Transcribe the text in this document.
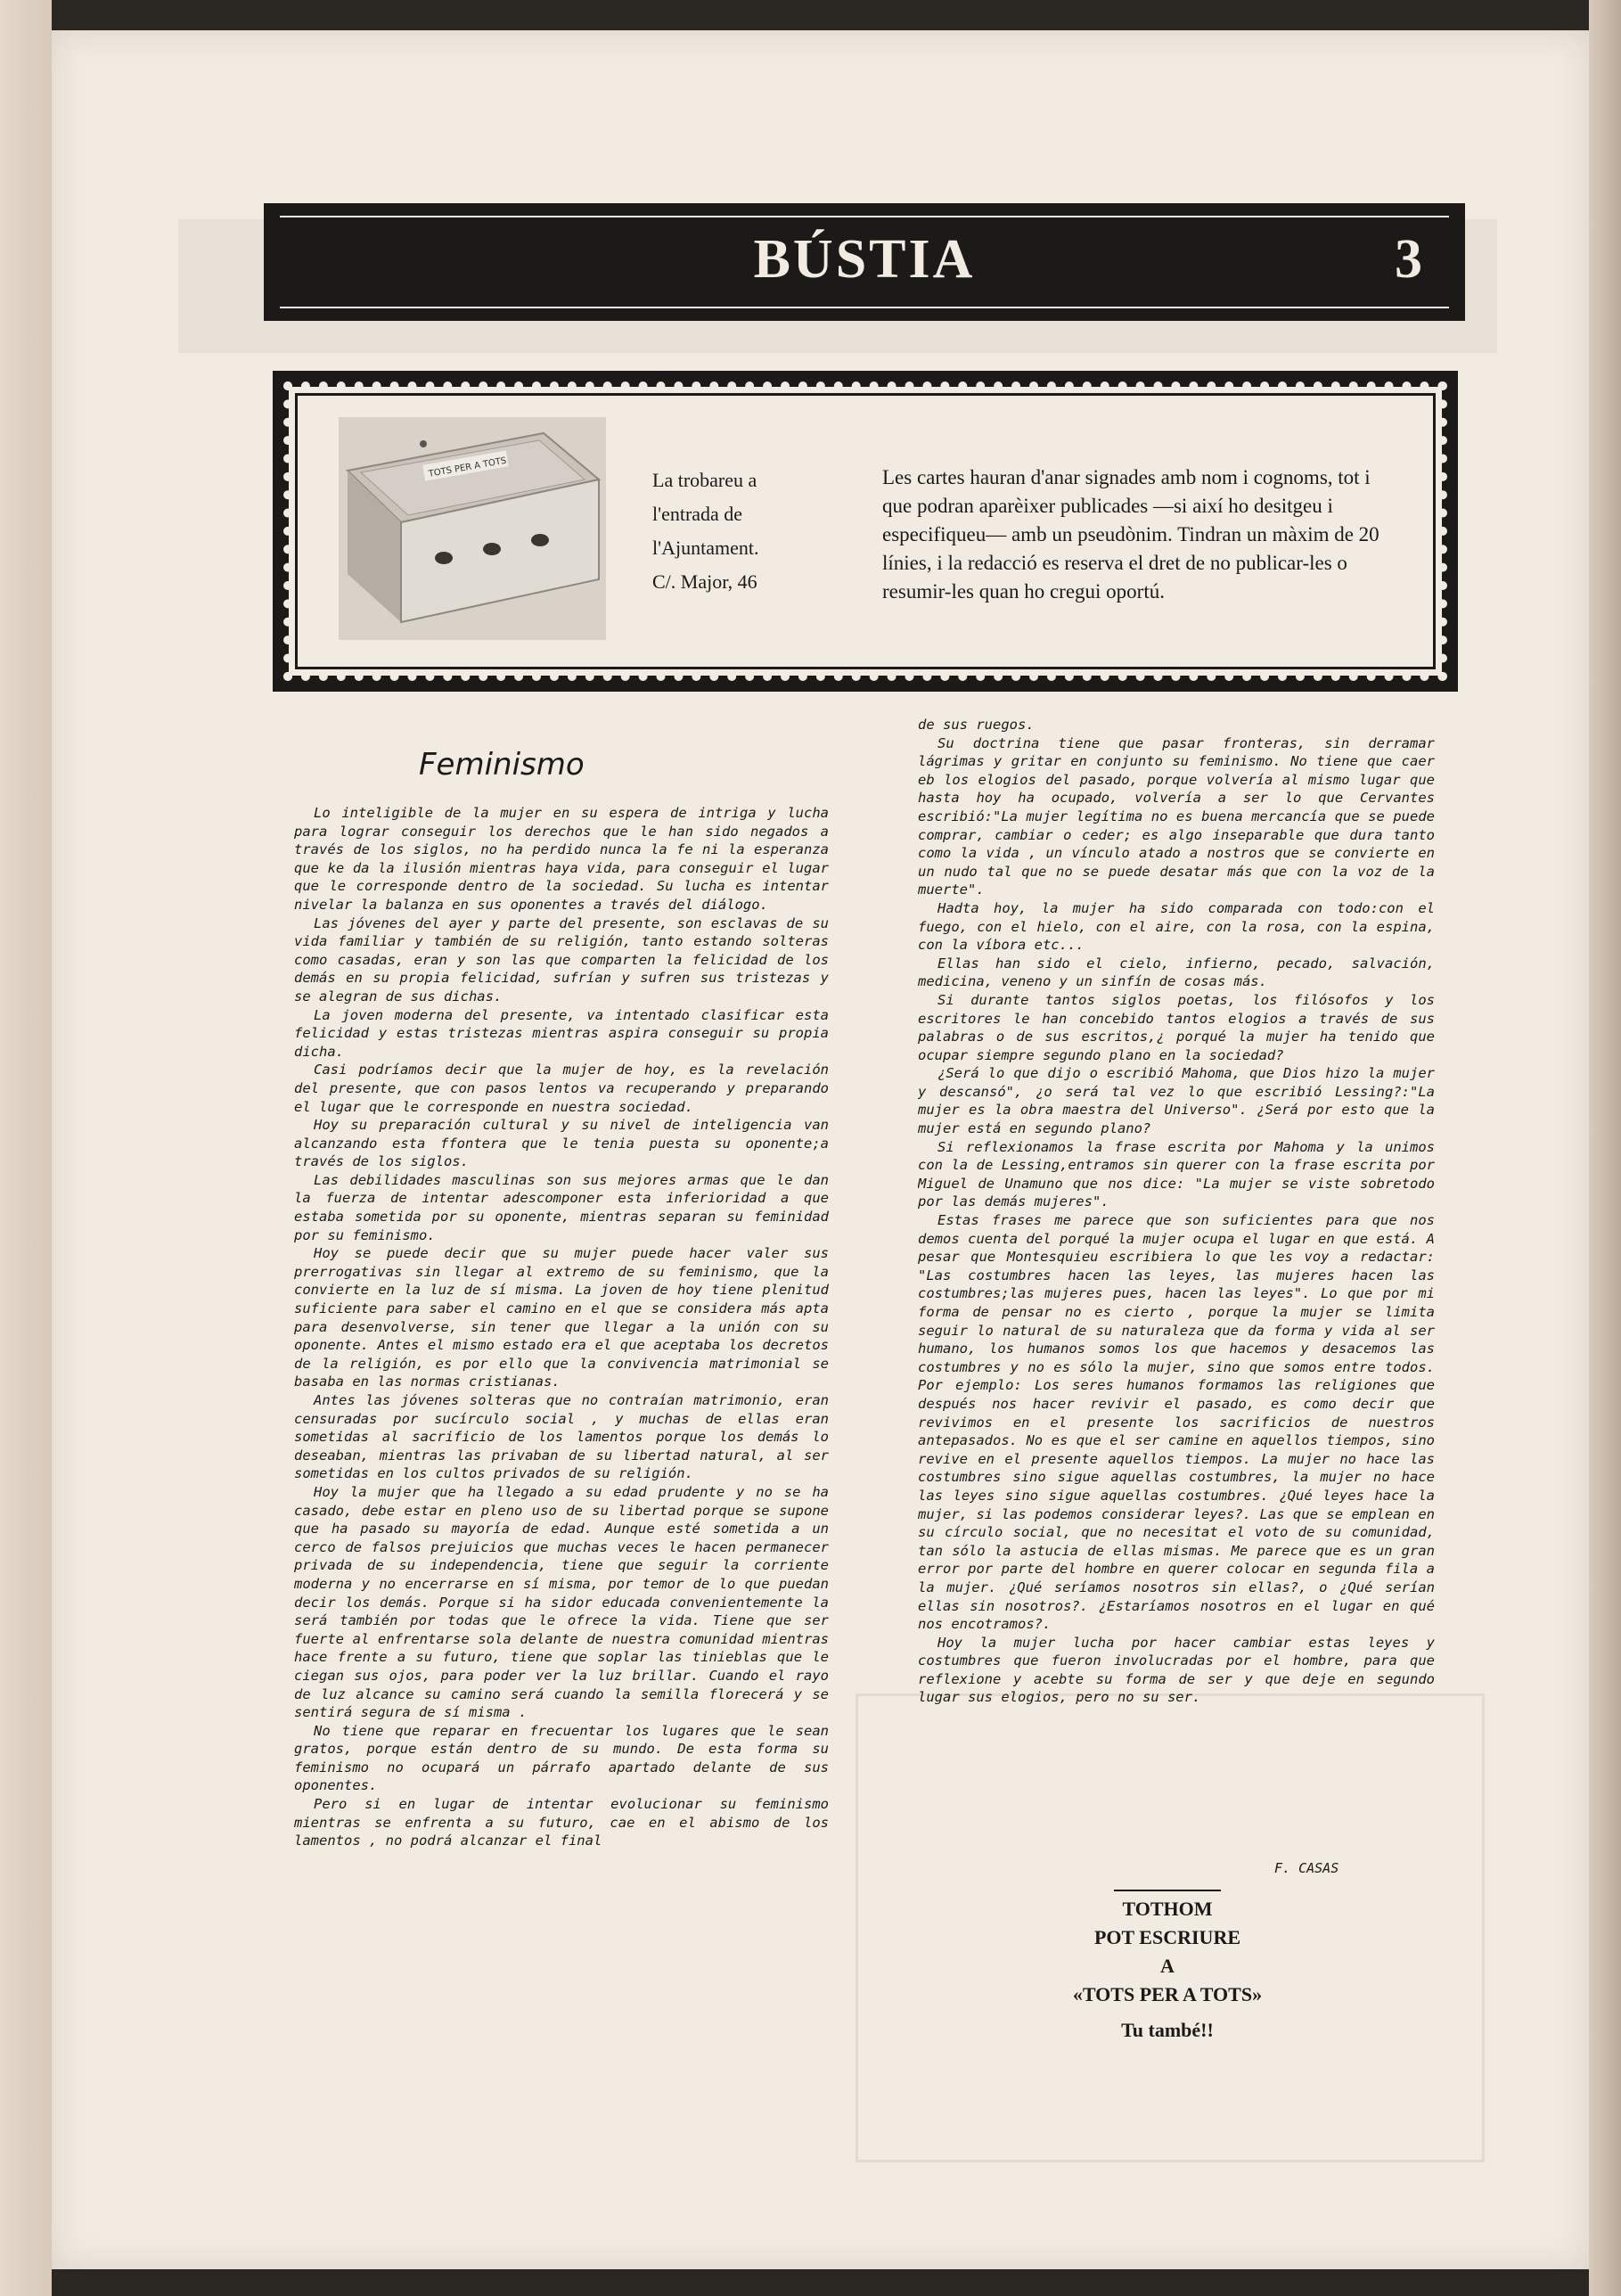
BÚSTIA	3
TOTS PER A TOTS
La trobareu a
l'entrada de
l'Ajuntament.
C/. Major, 46
Les cartes hauran d'anar signades amb nom i cognoms, tot i que podran aparèixer publicades —si així ho desitgeu i especifiqueu— amb un pseudònim. Tindran un màxim de 20 línies, i la redacció es reserva el dret de no publicar-les o resumir-les quan ho cregui oportú.
Feminismo

Lo inteligible de la mujer en su espera de intriga y lucha para lograr conseguir los derechos que le han sido negados a través de los siglos, no ha perdido nunca la fe ni la esperanza que ke da la ilusión mientras haya vida, para conseguir el lugar que le corresponde dentro de la sociedad. Su lucha es intentar nivelar la balanza en sus oponentes a través del diálogo.

Las jóvenes del ayer y parte del presente, son esclavas de su vida familiar y también de su religión, tanto estando solteras como casadas, eran y son las que comparten la felicidad de los demás en su propia felicidad, sufrían y sufren sus tristezas y se alegran de sus dichas.

La joven moderna del presente, va intentado clasificar esta felicidad y estas tristezas mientras aspira conseguir su propia dicha.

Casi podríamos decir que la mujer de hoy, es la revelación del presente, que con pasos lentos va recuperando y preparando el lugar que le corresponde en nuestra sociedad.

Hoy su preparación cultural y su nivel de inteligencia van alcanzando esta ffontera que le tenia puesta su oponente;a través de los siglos.

Las debilidades masculinas son sus mejores armas que le dan la fuerza de intentar adescomponer esta inferioridad a que estaba sometida por su oponente, mientras separan su feminidad por su feminismo.

Hoy se puede decir que su mujer puede hacer valer sus prerrogativas sin llegar al extremo de su feminismo, que la convierte en la luz de sí misma. La joven de hoy tiene plenitud suficiente para saber el camino en el que se considera más apta para desenvolverse, sin tener que llegar a la unión con su oponente. Antes el mismo estado era el que aceptaba los decretos de la religión, es por ello que la convivencia matrimonial se basaba en las normas cristianas.

Antes las jóvenes solteras que no contraían matrimonio, eran censuradas por sucírculo social , y muchas de ellas eran sometidas al sacrificio de los lamentos porque los demás lo deseaban, mientras las privaban de su libertad natural, al ser sometidas en los cultos privados de su religión.

Hoy la mujer que ha llegado a su edad prudente y no se ha casado, debe estar en pleno uso de su libertad porque se supone que ha pasado su mayoría de edad. Aunque esté sometida a un cerco de falsos prejuicios que muchas veces le hacen permanecer privada de su independencia, tiene que seguir la corriente moderna y no encerrarse en sí misma, por temor de lo que puedan decir los demás. Porque si ha sidor educada convenientemente la será también por todas que le ofrece la vida. Tiene que ser fuerte al enfrentarse sola delante de nuestra comunidad mientras hace frente a su futuro, tiene que soplar las tinieblas que le ciegan sus ojos, para poder ver la luz brillar. Cuando el rayo de luz alcance su camino será cuando la semilla florecerá y se sentirá segura de sí misma .

No tiene que reparar en frecuentar los lugares que le sean gratos, porque están dentro de su mundo. De esta forma su feminismo no ocupará un párrafo apartado delante de sus oponentes.

Pero si en lugar de intentar evolucionar su feminismo mientras se enfrenta a su futuro, cae en el abismo de los lamentos , no podrá alcanzar el final

de sus ruegos.

Su doctrina tiene que pasar fronteras, sin derramar lágrimas y gritar en conjunto su feminismo. No tiene que caer eb los elogios del pasado, porque volvería al mismo lugar que hasta hoy ha ocupado, volvería a ser lo que Cervantes escribió:"La mujer legítima no es buena mercancía que se puede comprar, cambiar o ceder; es algo inseparable que dura tanto como la vida , un vínculo atado a nostros que se convierte en un nudo tal que no se puede desatar más que con la voz de la muerte".

Hadta hoy, la mujer ha sido comparada con todo:con el fuego, con el hielo, con el aire, con la rosa, con la espina, con la víbora etc...

Ellas han sido el cielo, infierno, pecado, salvación, medicina, veneno y un sinfín de cosas más.

Si durante tantos siglos poetas, los filósofos y los escritores le han concebido tantos elogios a través de sus palabras o de sus escritos,¿ porqué la mujer ha tenido que ocupar siempre segundo plano en la sociedad?

¿Será lo que dijo o escribió Mahoma, que Dios hizo la mujer y descansó", ¿o será tal vez lo que escribió Lessing?:"La mujer es la obra maestra del Universo". ¿Será por esto que la mujer está en segundo plano?

Si reflexionamos la frase escrita por Mahoma y la unimos con la de Lessing,entramos sin querer con la frase escrita por Miguel de Unamuno que nos dice: "La mujer se viste sobretodo por las demás mujeres".

Estas frases me parece que son suficientes para que nos demos cuenta del porqué la mujer ocupa el lugar en que está. A pesar que Montesquieu escribiera lo que les voy a redactar: "Las costumbres hacen las leyes, las mujeres hacen las costumbres;las mujeres pues, hacen las leyes". Lo que por mi forma de pensar no es cierto , porque la mujer se limita seguir lo natural de su naturaleza que da forma y vida al ser humano, los humanos somos los que hacemos y desacemos las costumbres y no es sólo la mujer, sino que somos entre todos. Por ejemplo: Los seres humanos formamos las religiones que después nos hacer revivir el pasado, es como decir que revivimos en el presente los sacrificios de nuestros antepasados. No es que el ser camine en aquellos tiempos, sino revive en el presente aquellos tiempos. La mujer no hace las costumbres sino sigue aquellas costumbres, la mujer no hace las leyes sino sigue aquellas costumbres. ¿Qué leyes hace la mujer, si las podemos considerar leyes?. Las que se emplean en su círculo social, que no necesitat el voto de su comunidad, tan sólo la astucia de ellas mismas. Me parece que es un gran error por parte del hombre en querer colocar en segunda fila a la mujer. ¿Qué seríamos nosotros sin ellas?, o ¿Qué serían ellas sin nosotros?. ¿Estaríamos nosotros en el lugar en qué nos encotramos?.

Hoy la mujer lucha por hacer cambiar estas leyes y costumbres que fueron involucradas por el hombre, para que reflexione y acebte su forma de ser y que deje en segundo lugar sus elogios, pero no su ser.

F. CASAS
TOTHOM
POT ESCRIURE
A
«TOTS PER A TOTS»
Tu també!!
